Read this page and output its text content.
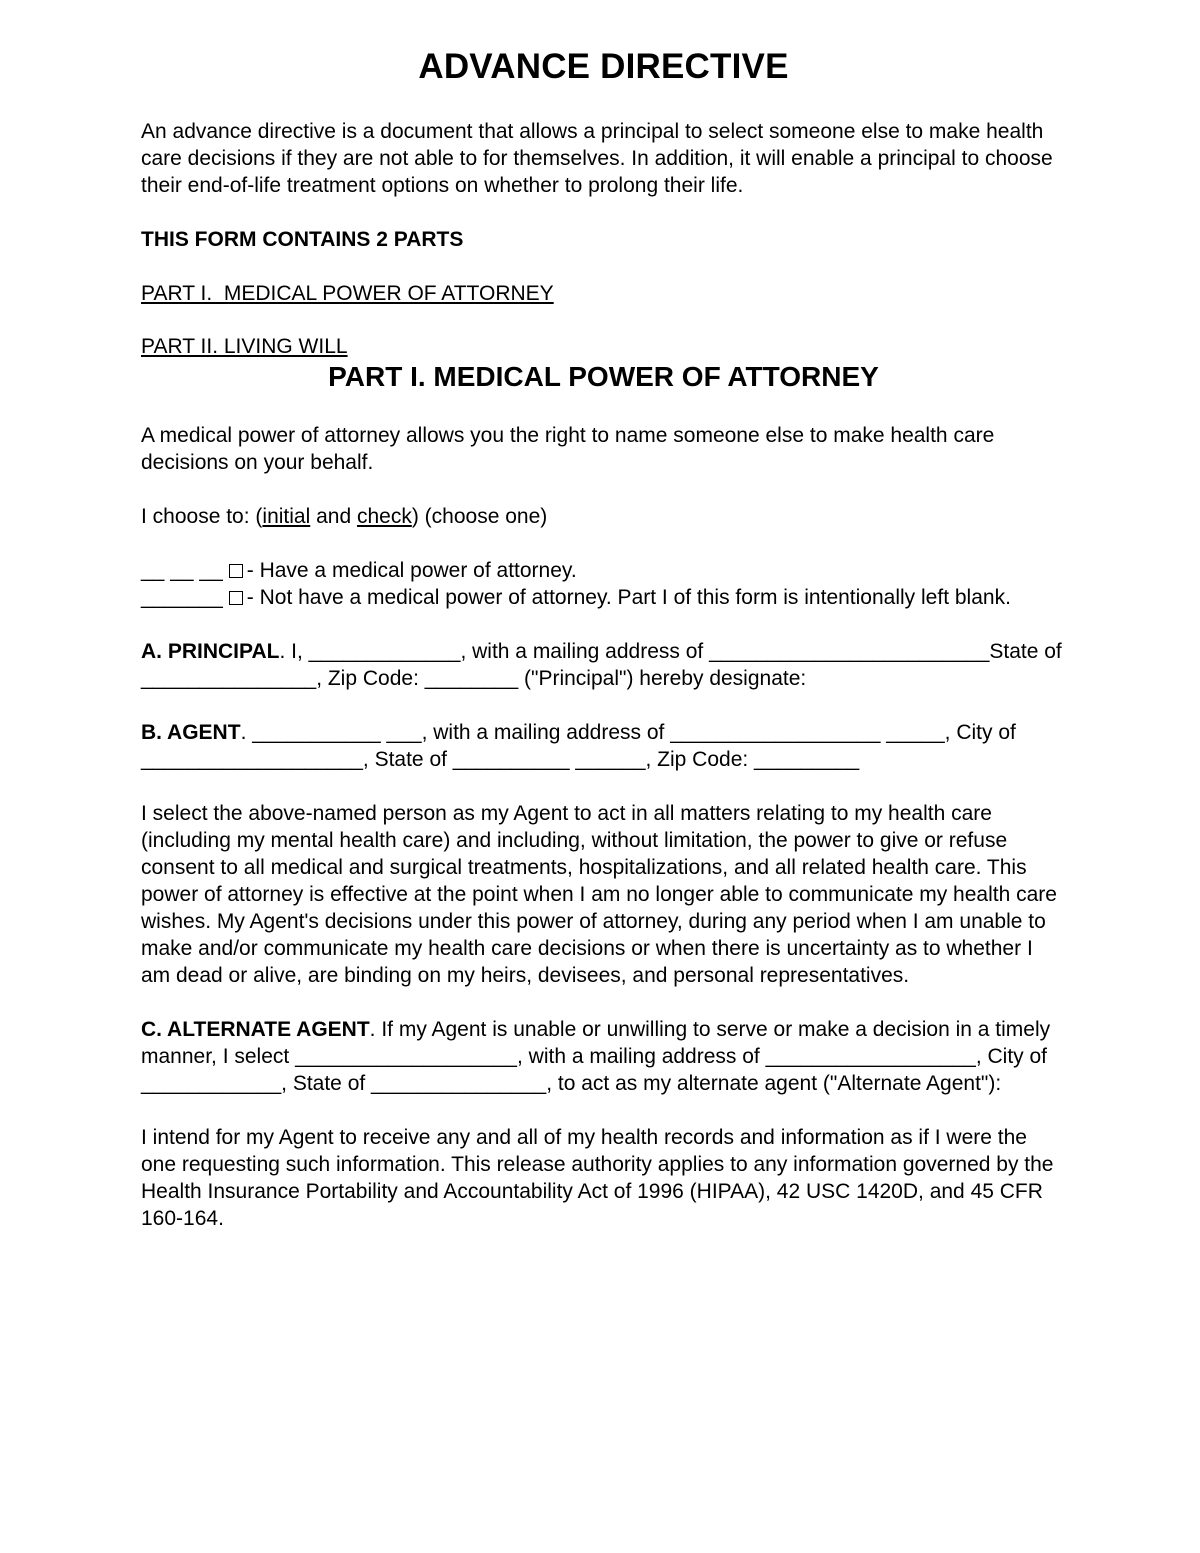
ADVANCE DIRECTIVE

An advance directive is a document that allows a principal to select someone else to make health care decisions if they are not able to for themselves. In addition, it will enable a principal to choose their end-of-life treatment options on whether to prolong their life.

THIS FORM CONTAINS 2 PARTS

PART I.  MEDICAL POWER OF ATTORNEY

PART II. LIVING WILL

PART I. MEDICAL POWER OF ATTORNEY

A medical power of attorney allows you the right to name someone else to make health care decisions on your behalf.

I choose to: (initial and check) (choose one)

__ __ __ - Have a medical power of attorney.

_______ - Not have a medical power of attorney. Part I of this form is intentionally left blank.

A. PRINCIPAL. I, _____________, with a mailing address of ________________________State of _______________, Zip Code: ________ ("Principal") hereby designate:

B. AGENT. ___________ ___, with a mailing address of __________________ _____, City of ___________________, State of __________ ______, Zip Code: _________

I select the above-named person as my Agent to act in all matters relating to my health care (including my mental health care) and including, without limitation, the power to give or refuse consent to all medical and surgical treatments, hospitalizations, and all related health care. This power of attorney is effective at the point when I am no longer able to communicate my health care wishes. My Agent's decisions under this power of attorney, during any period when I am unable to make and/or communicate my health care decisions or when there is uncertainty as to whether I am dead or alive, are binding on my heirs, devisees, and personal representatives.

C. ALTERNATE AGENT. If my Agent is unable or unwilling to serve or make a decision in a timely manner, I select ___________________, with a mailing address of __________________, City of ____________, State of _______________, to act as my alternate agent ("Alternate Agent"):

I intend for my Agent to receive any and all of my health records and information as if I were the one requesting such information. This release authority applies to any information governed by the Health Insurance Portability and Accountability Act of 1996 (HIPAA), 42 USC 1420D, and 45 CFR 160-164.
